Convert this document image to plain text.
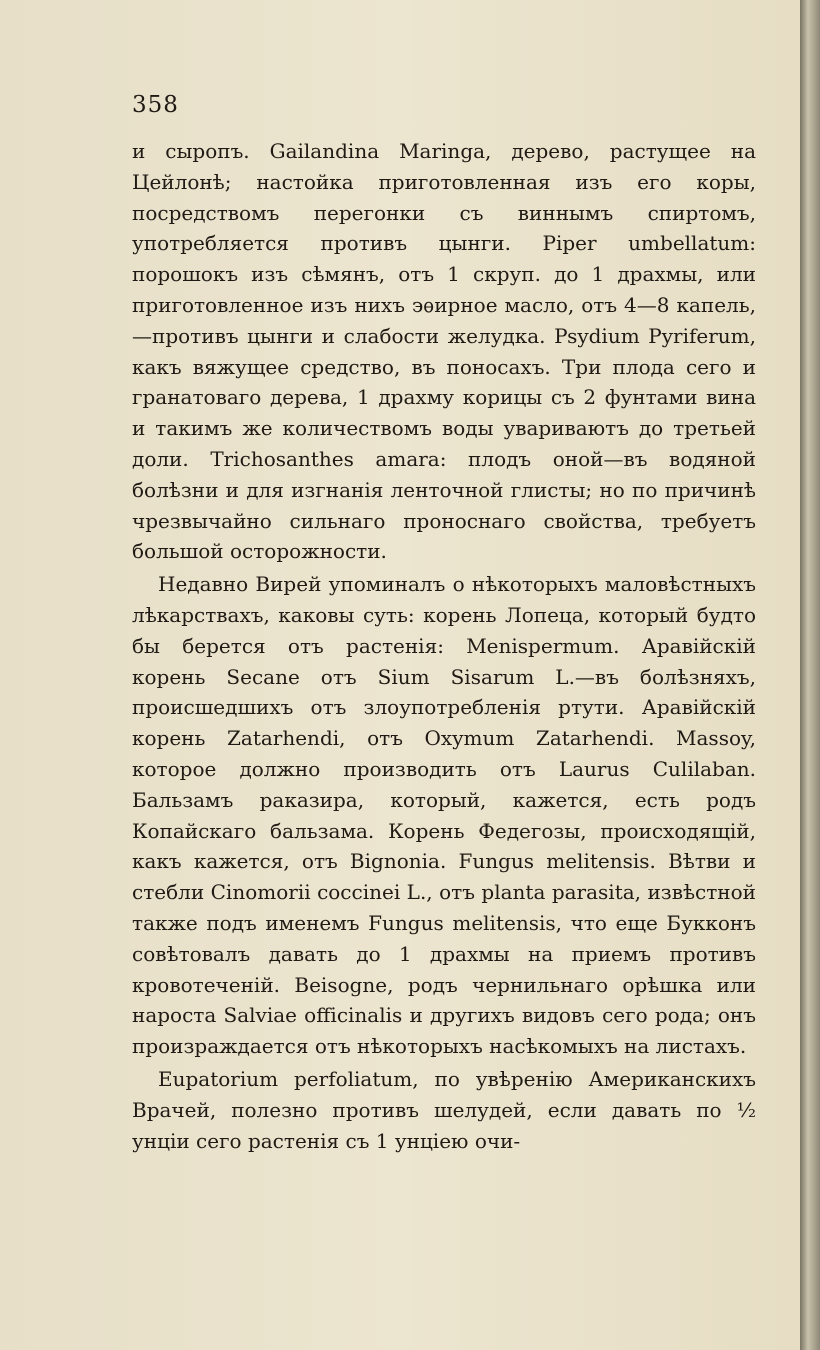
358

и сыропъ. Gailandina Maringa, дерево, растущее на Цейлонѣ; настойка приготовленная изъ его коры, посредствомъ перегонки съ виннымъ спиртомъ, употребляется противъ цынги. Piper umbellatum: порошокъ изъ сѣмянъ, отъ 1 скруп. до 1 драхмы, или приготовленное изъ нихъ эѳирное масло, отъ 4—8 капель,—противъ цынги и слабости желудка. Psydium Pyriferum, какъ вяжущее средство, въ поносахъ. Три плода сего и гранатоваго дерева, 1 драхму корицы съ 2 фунтами вина и такимъ же количествомъ воды увариваютъ до третьей доли. Trichosanthes amara: плодъ оной—въ водяной болѣзни и для изгнанія ленточной глисты; но по причинѣ чрезвычайно сильнаго проноснаго свойства, требуетъ большой осторожности.

Недавно Вирей упоминалъ о нѣкоторыхъ маловѣстныхъ лѣкарствахъ, каковы суть: корень Лопеца, который будто бы берется отъ растенія: Menispermum. Аравійскій корень Secane отъ Sium Sisarum L.—въ болѣзняхъ, происшедшихъ отъ злоупотребленія ртути. Аравійскій корень Zatarhendi, отъ Oxymum Zatarhendi. Massoy, которое должно производить отъ Laurus Culilaban. Бальзамъ раказира, который, кажется, есть родъ Копайскаго бальзама. Корень Федегозы, происходящій, какъ кажется, отъ Bignonia. Fungus melitensis. Вѣтви и стебли Cinomorii coccinei L., отъ planta parasita, извѣстной также подъ именемъ Fungus melitensis, что еще Букконъ совѣтовалъ давать до 1 драхмы на приемъ противъ кровотеченій. Beisogne, родъ чернильнаго орѣшка или нароста Salviae officinalis и другихъ видовъ сего рода; онъ произраждается отъ нѣкоторыхъ насѣкомыхъ на листахъ.

Eupatorium perfoliatum, по увѣренію Американскихъ Врачей, полезно противъ шелудей, если давать по ½ унціи сего растенія съ 1 унціею очи-
